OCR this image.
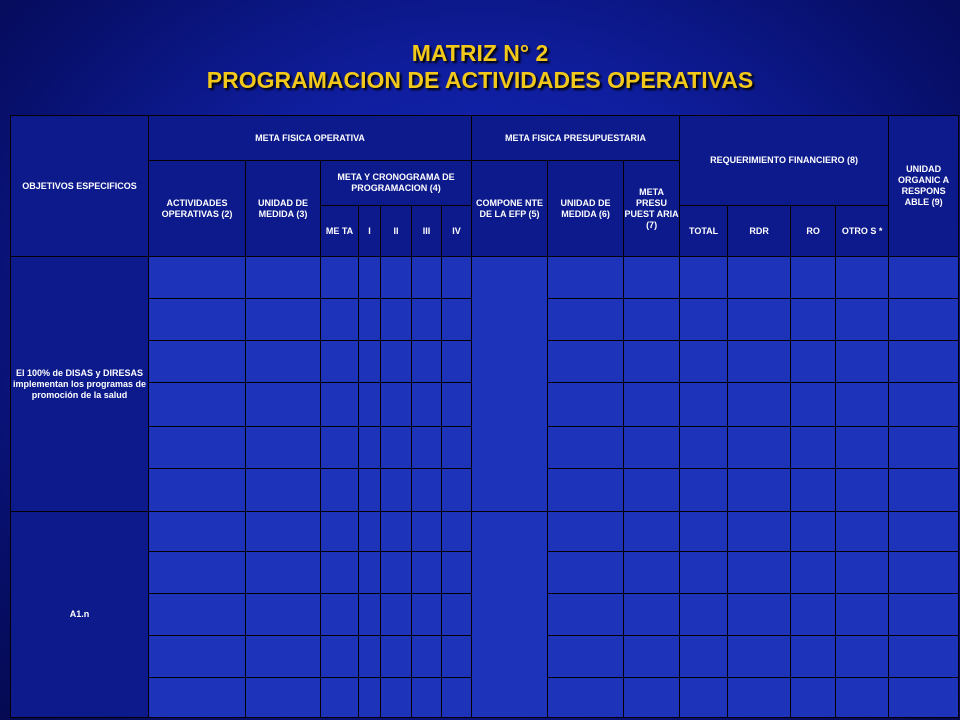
MATRIZ N° 2
PROGRAMACION DE ACTIVIDADES OPERATIVAS
OBJETIVOS ESPECIFICOS	META FISICA OPERATIVA							META FISICA PRESUPUESTARIA			REQUERIMIENTO FINANCIERO (8)				UNIDAD ORGANIC A RESPONS ABLE (9)
	ACTIVIDADES OPERATIVAS (2)	UNIDAD DE MEDIDA (3)	META Y CRONOGRAMA DE PROGRAMACION (4)					COMPONE NTE DE LA EFP (5)	UNIDAD DE MEDIDA (6)	META PRESU PUEST ARIA (7)					
			ME TA	I	II	III	IV				TOTAL	RDR	RO	OTRO S *	
El 100% de DISAS y DIRESAS implementan los programas de promoción de la salud															

A1.n															
